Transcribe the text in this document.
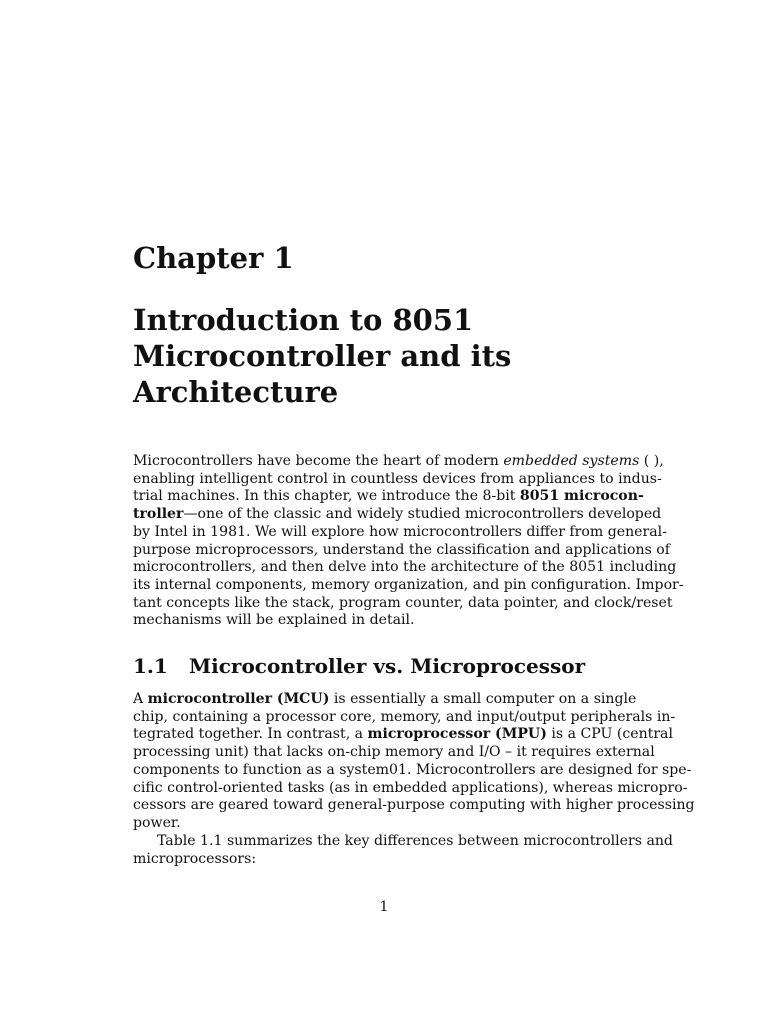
Chapter 1
Introduction to 8051
Microcontroller and its
Architecture

Microcontrollers have become the heart of modern embedded systems ( ),
enabling intelligent control in countless devices from appliances to indus-
trial machines. In this chapter, we introduce the 8-bit 8051 microcon-
troller—one of the classic and widely studied microcontrollers developed
by Intel in 1981. We will explore how microcontrollers differ from general-
purpose microprocessors, understand the classification and applications of
microcontrollers, and then delve into the architecture of the 8051 including
its internal components, memory organization, and pin configuration. Impor-
tant concepts like the stack, program counter, data pointer, and clock/reset
mechanisms will be explained in detail.

1.1 Microcontroller vs. Microprocessor

A microcontroller (MCU) is essentially a small computer on a single
chip, containing a processor core, memory, and input/output peripherals in-
tegrated together. In contrast, a microprocessor (MPU) is a CPU (central
processing unit) that lacks on-chip memory and I/O – it requires external
components to function as a system01. Microcontrollers are designed for spe-
cific control-oriented tasks (as in embedded applications), whereas micropro-
cessors are geared toward general-purpose computing with higher processing
power.

Table 1.1 summarizes the key differences between microcontrollers and
microprocessors:

1
